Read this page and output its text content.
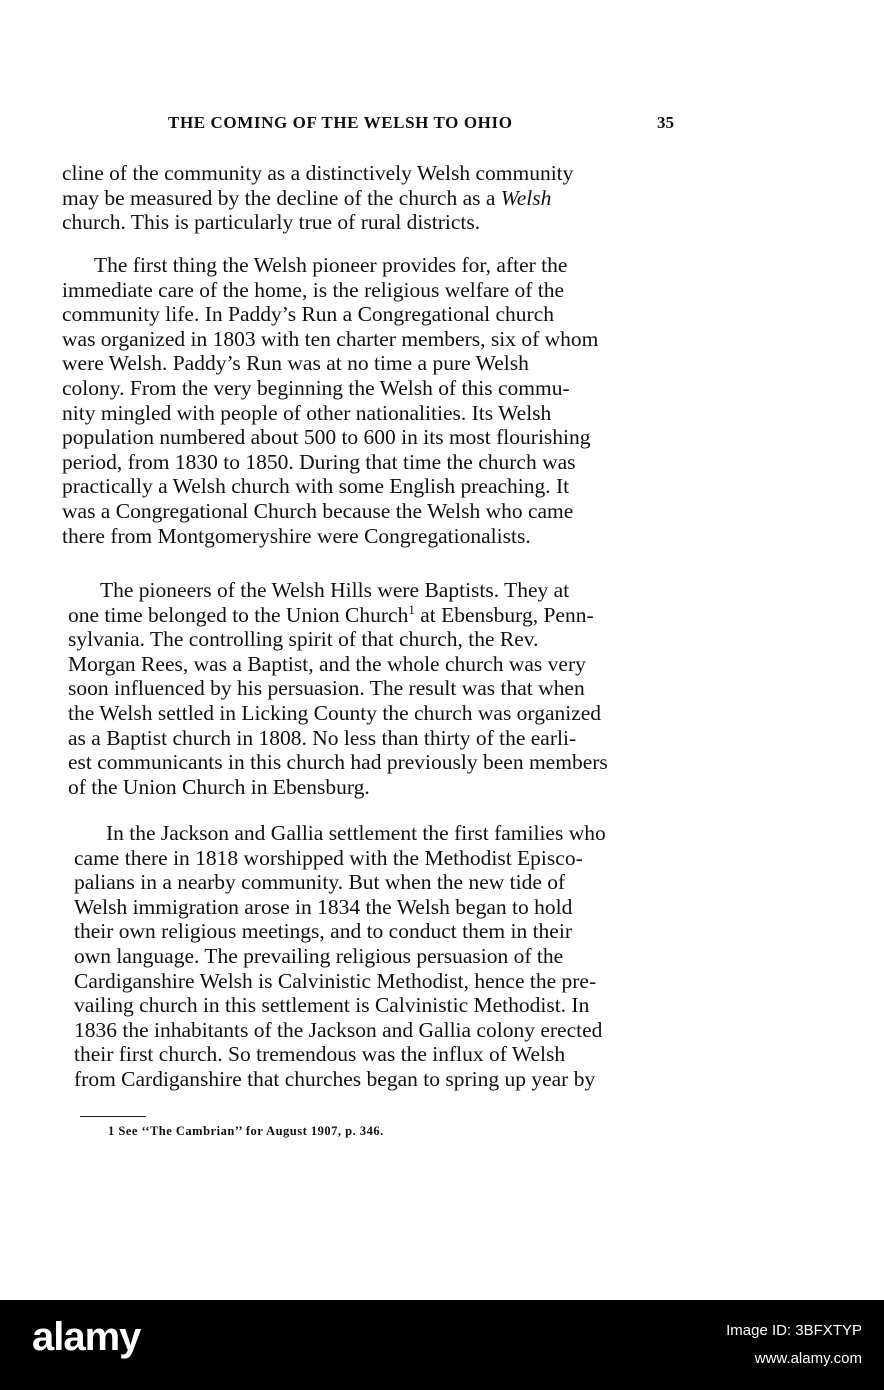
THE COMING OF THE WELSH TO OHIO	35

cline of the community as a distinctively Welsh community
may be measured by the decline of the church as a Welsh
church. This is particularly true of rural districts.

The first thing the Welsh pioneer provides for, after the
immediate care of the home, is the religious welfare of the
community life. In Paddy’s Run a Congregational church
was organized in 1803 with ten charter members, six of whom
were Welsh. Paddy’s Run was at no time a pure Welsh
colony. From the very beginning the Welsh of this commu-
nity mingled with people of other nationalities. Its Welsh
population numbered about 500 to 600 in its most flourishing
period, from 1830 to 1850. During that time the church was
practically a Welsh church with some English preaching. It
was a Congregational Church because the Welsh who came
there from Montgomeryshire were Congregationalists.

The pioneers of the Welsh Hills were Baptists. They at
one time belonged to the Union Church$^1$ at Ebensburg, Penn-
sylvania. The controlling spirit of that church, the Rev.
Morgan Rees, was a Baptist, and the whole church was very
soon influenced by his persuasion. The result was that when
the Welsh settled in Licking County the church was organized
as a Baptist church in 1808. No less than thirty of the earli-
est communicants in this church had previously been members
of the Union Church in Ebensburg.

In the Jackson and Gallia settlement the first families who
came there in 1818 worshipped with the Methodist Episco-
palians in a nearby community. But when the new tide of
Welsh immigration arose in 1834 the Welsh began to hold
their own religious meetings, and to conduct them in their
own language. The prevailing religious persuasion of the
Cardiganshire Welsh is Calvinistic Methodist, hence the pre-
vailing church in this settlement is Calvinistic Methodist. In
1836 the inhabitants of the Jackson and Gallia colony erected
their first church. So tremendous was the influx of Welsh
from Cardiganshire that churches began to spring up year by

1 See ‘‘The Cambrian’’ for August 1907, p. 346.
alamy	Image ID: 3BFXTYP
www.alamy.com
